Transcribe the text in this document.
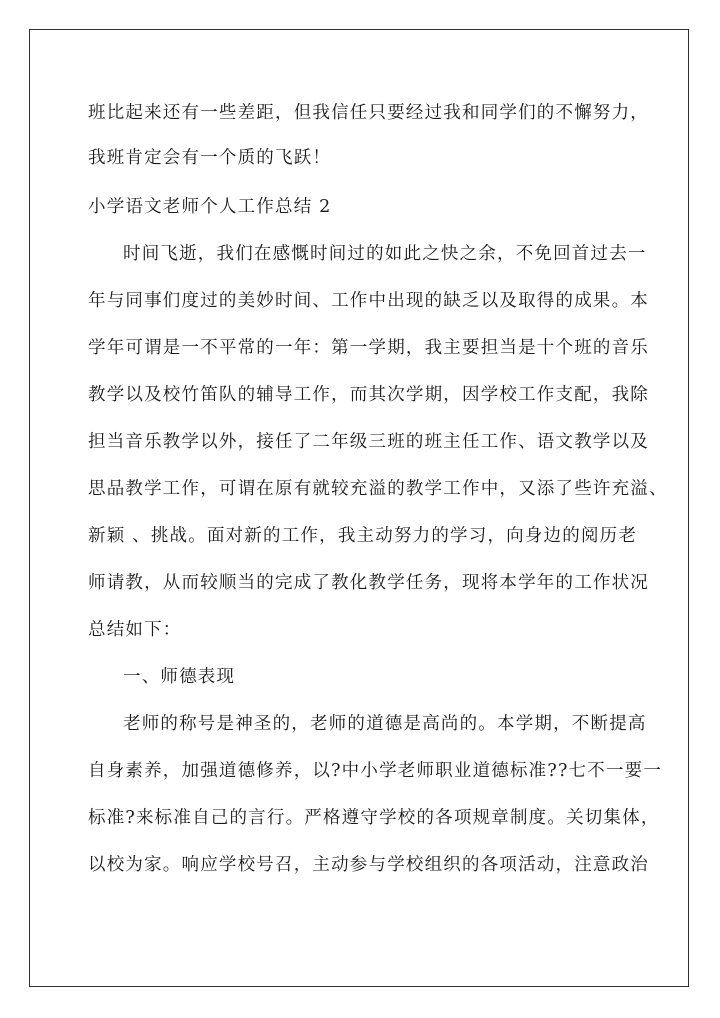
班比起来还有一些差距，但我信任只要经过我和同学们的不懈努力，
我班肯定会有一个质的飞跃！
小学语文老师个人工作总结 2
时间飞逝，我们在感慨时间过的如此之快之余，不免回首过去一
年与同事们度过的美妙时间、工作中出现的缺乏以及取得的成果。本
学年可谓是一不平常的一年：第一学期，我主要担当是十个班的音乐
教学以及校竹笛队的辅导工作，而其次学期，因学校工作支配，我除
担当音乐教学以外，接任了二年级三班的班主任工作、语文教学以及
思品教学工作，可谓在原有就较充溢的教学工作中，又添了些许充溢、
新颖 、挑战。面对新的工作，我主动努力的学习，向身边的阅历老
师请教，从而较顺当的完成了教化教学任务，现将本学年的工作状况
总结如下：
一、师德表现
老师的称号是神圣的，老师的道德是高尚的。本学期，不断提高
自身素养，加强道德修养，以?中小学老师职业道德标准??七不一要一
标准?来标准自己的言行。严格遵守学校的各项规章制度。关切集体，
以校为家。响应学校号召，主动参与学校组织的各项活动，注意政治
